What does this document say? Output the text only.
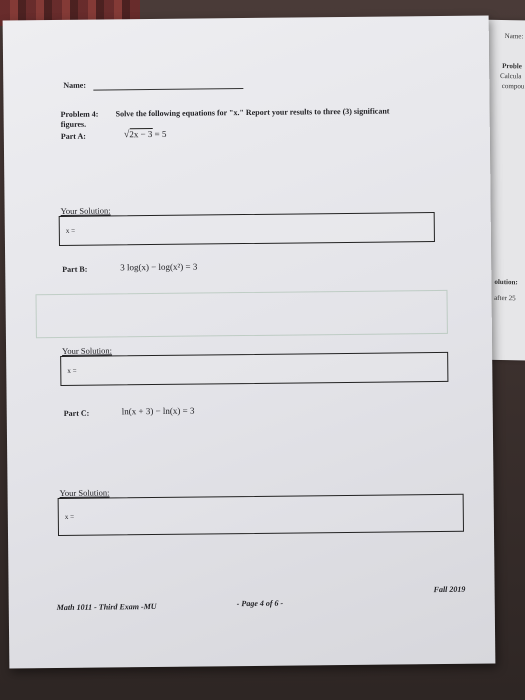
Name:
Proble
Calcula
compou
olution:
after 25
Name:
Problem 4: Solve the following equations for "x." Report your results to three (3) significant
figures.
Part A:	√2x − 3 = 5
Your Solution:
x =
Part B:	3 log(x) − log(x²) = 3
Your Solution:
x =
Part C:	ln(x + 3) − ln(x) = 3
Your Solution:
x =
Math 1011 - Third Exam -MU	- Page 4 of 6 -
Fall 2019
